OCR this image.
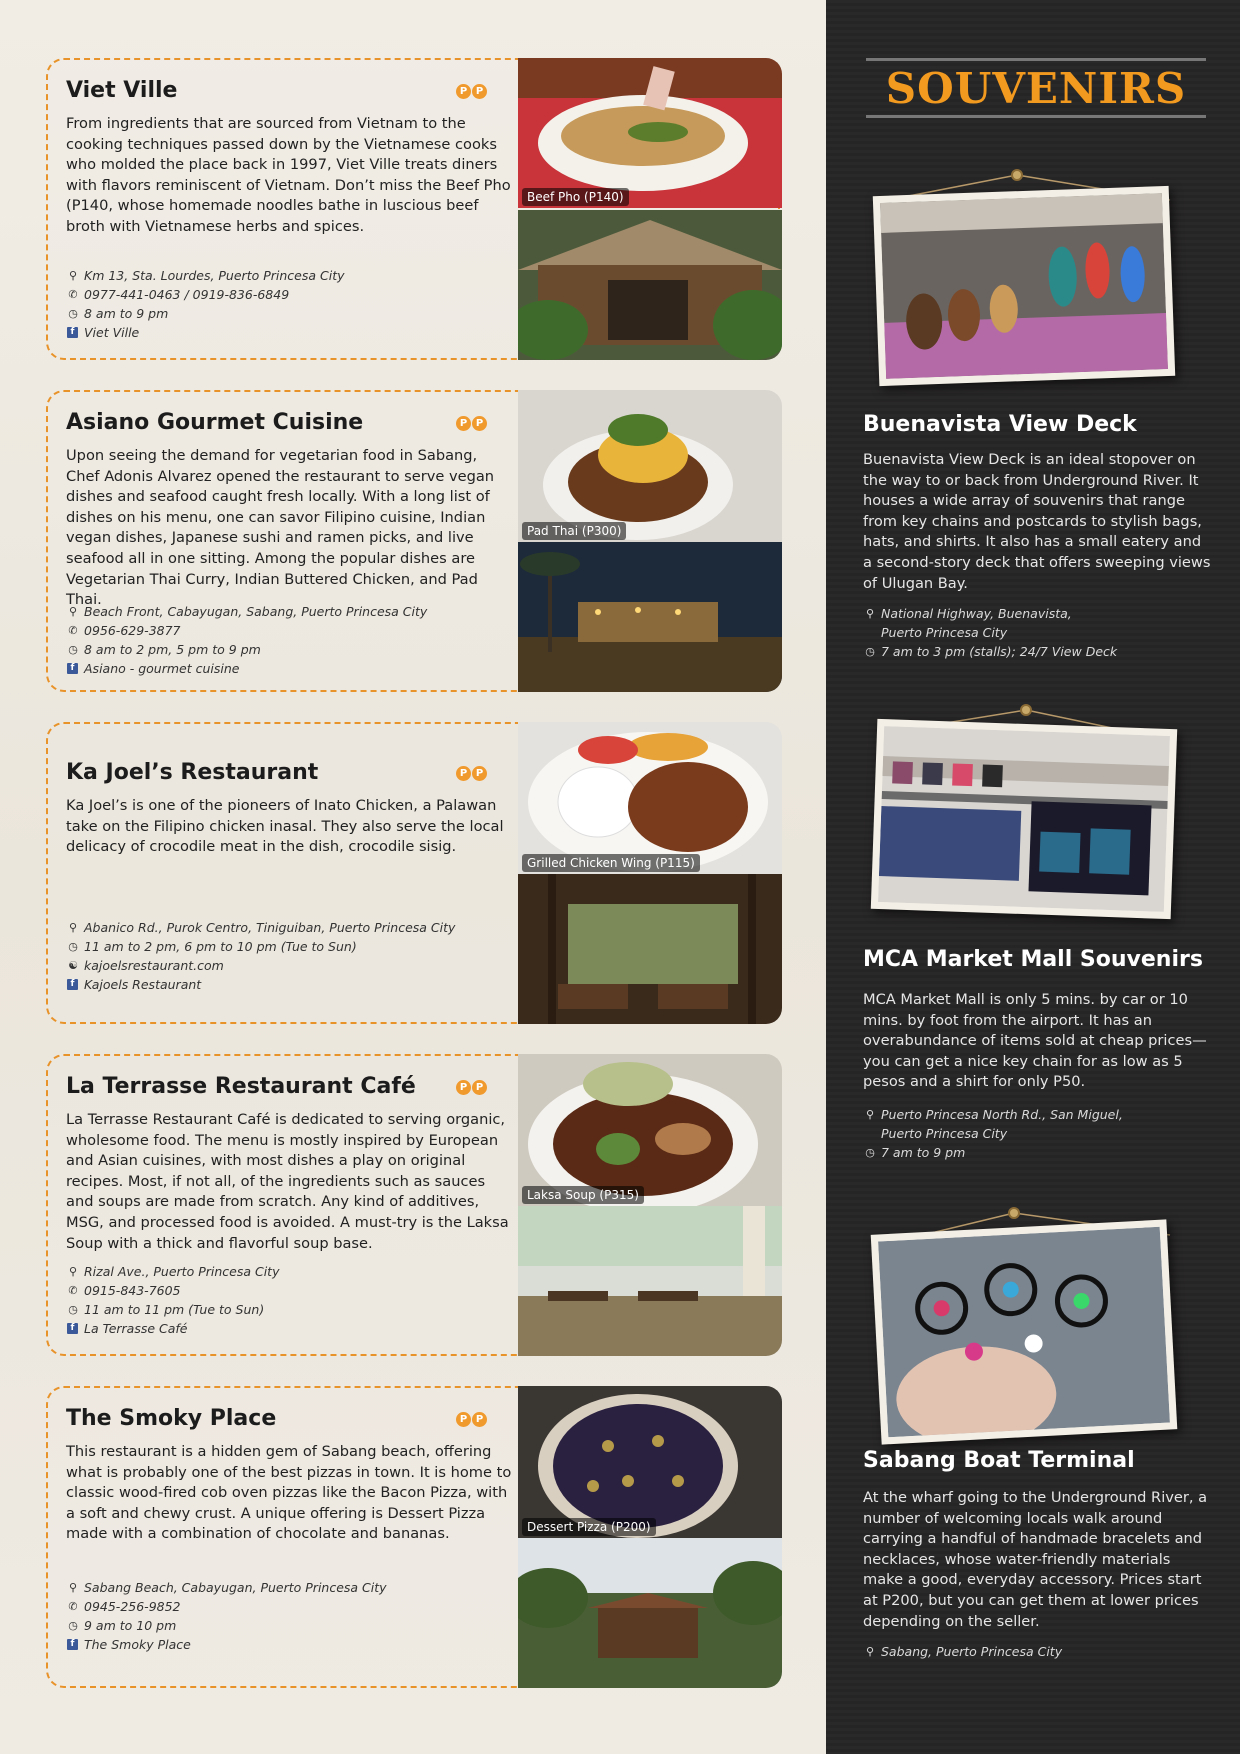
Viet Ville	P P
From ingredients that are sourced from Vietnam to the cooking techniques passed down by the Vietnamese cooks who molded the place back in 1997, Viet Ville treats diners with flavors reminiscent of Vietnam. Don’t miss the Beef Pho (P140, whose homemade noodles bathe in luscious beef broth with Vietnamese herbs and spices.
⚲ Km 13, Sta. Lourdes, Puerto Princesa City
✆ 0977-441-0463 / 0919-836-6849
◷ 8 am to 9 pm
f Viet Ville
Beef Pho (P140)
Asiano Gourmet Cuisine	P P
Upon seeing the demand for vegetarian food in Sabang, Chef Adonis Alvarez opened the restaurant to serve vegan dishes and seafood caught fresh locally. With a long list of dishes on his menu, one can savor Filipino cuisine, Indian vegan dishes, Japanese sushi and ramen picks, and live seafood all in one sitting. Among the popular dishes are Vegetarian Thai Curry, Indian Buttered Chicken, and Pad Thai.
⚲ Beach Front, Cabayugan, Sabang, Puerto Princesa City
✆ 0956-629-3877
◷ 8 am to 2 pm, 5 pm to 9 pm
f Asiano - gourmet cuisine
Pad Thai (P300)
Ka Joel’s Restaurant	P P
Ka Joel’s is one of the pioneers of Inato Chicken, a Palawan take on the Filipino chicken inasal. They also serve the local delicacy of crocodile meat in the dish, crocodile sisig.
⚲ Abanico Rd., Purok Centro, Tiniguiban, Puerto Princesa City
◷ 11 am to 2 pm, 6 pm to 10 pm (Tue to Sun)
☯ kajoelsrestaurant.com
f Kajoels Restaurant
Grilled Chicken Wing (P115)
La Terrasse Restaurant Café	P P
La Terrasse Restaurant Café is dedicated to serving organic, wholesome food. The menu is mostly inspired by European and Asian cuisines, with most dishes a play on original recipes. Most, if not all, of the ingredients such as sauces and soups are made from scratch. Any kind of additives, MSG, and processed food is avoided. A must-try is the Laksa Soup with a thick and flavorful soup base.
⚲ Rizal Ave., Puerto Princesa City
✆ 0915-843-7605
◷ 11 am to 11 pm (Tue to Sun)
f La Terrasse Café
Laksa Soup (P315)
The Smoky Place	P P
This restaurant is a hidden gem of Sabang beach, offering what is probably one of the best pizzas in town. It is home to classic wood-fired cob oven pizzas like the Bacon Pizza, with a soft and chewy crust. A unique offering is Dessert Pizza made with a combination of chocolate and bananas.
⚲ Sabang Beach, Cabayugan, Puerto Princesa City
✆ 0945-256-9852
◷ 9 am to 10 pm
f The Smoky Place
Dessert Pizza (P200)
SOUVENIRS
Buenavista View Deck
Buenavista View Deck is an ideal stopover on the way to or back from Underground River. It houses a wide array of souvenirs that range from key chains and postcards to stylish bags, hats, and shirts. It also has a small eatery and a second-story deck that offers sweeping views of Ulugan Bay.
⚲ National Highway, Buenavista,
Puerto Princesa City
◷ 7 am to 3 pm (stalls); 24/7 View Deck
MCA Market Mall Souvenirs
MCA Market Mall is only 5 mins. by car or 10 mins. by foot from the airport. It has an overabundance of items sold at cheap prices—you can get a nice key chain for as low as 5 pesos and a shirt for only P50.
⚲ Puerto Princesa North Rd., San Miguel,
Puerto Princesa City
◷ 7 am to 9 pm
Sabang Boat Terminal
At the wharf going to the Underground River, a number of welcoming locals walk around carrying a handful of handmade bracelets and necklaces, whose water-friendly materials make a good, everyday accessory. Prices start at P200, but you can get them at lower prices depending on the seller.
⚲ Sabang, Puerto Princesa City
